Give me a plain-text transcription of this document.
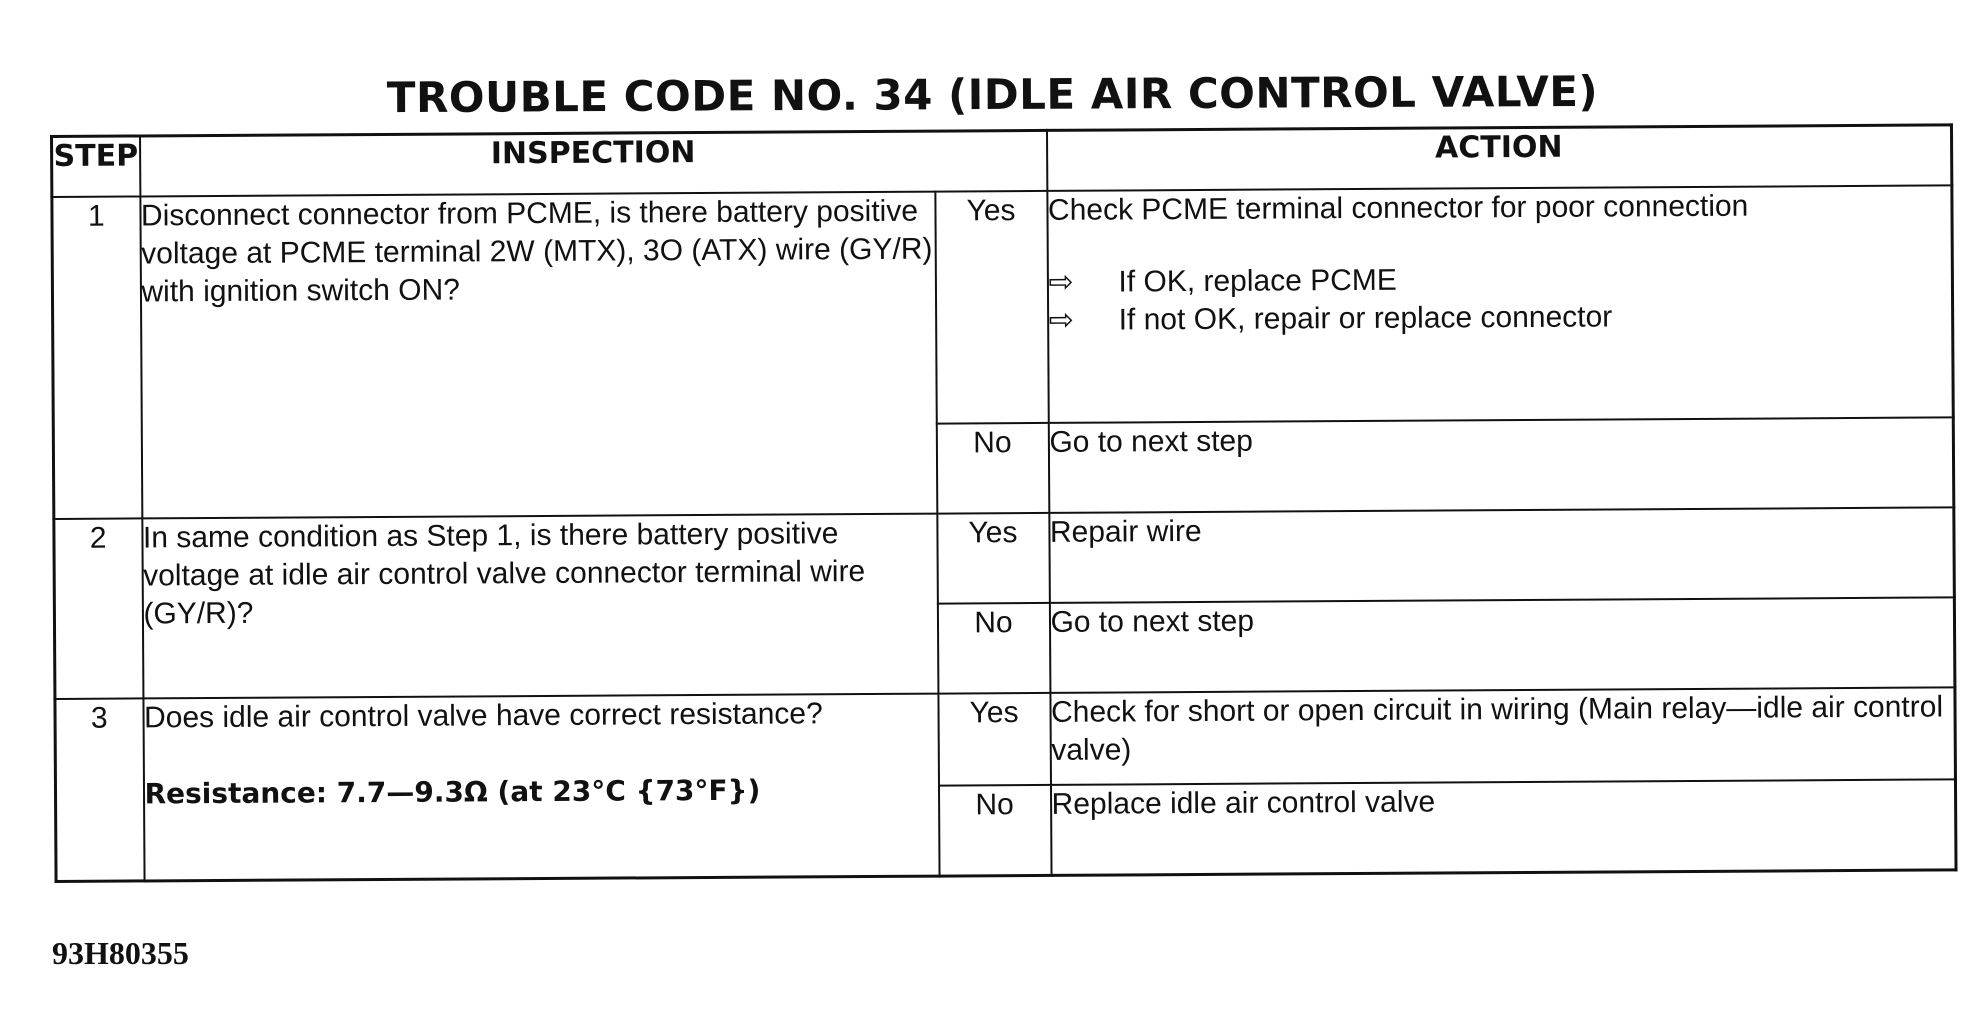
TROUBLE CODE NO. 34 (IDLE AIR CONTROL VALVE)
STEP	INSPECTION		ACTION
1	Disconnect connector from PCME, is there battery positive voltage at PCME terminal 2W (MTX), 3O (ATX) wire (GY/R) with ignition switch ON?	Yes	Check PCME terminal connector for poor connection
⇨ If OK, replace PCME
⇨ If not OK, repair or replace connector

		No	Go to next step
2	In same condition as Step 1, is there battery positive voltage at idle air control valve connector terminal wire (GY/R)?	Yes	Repair wire
		No	Go to next step
3	Does idle air control valve have correct resistance?
Resistance: 7.7—9.3Ω (at 23°C {73°F})	Yes	Check for short or open circuit in wiring (Main relay—idle air control valve)
		No	Replace idle air control valve
93H80355
